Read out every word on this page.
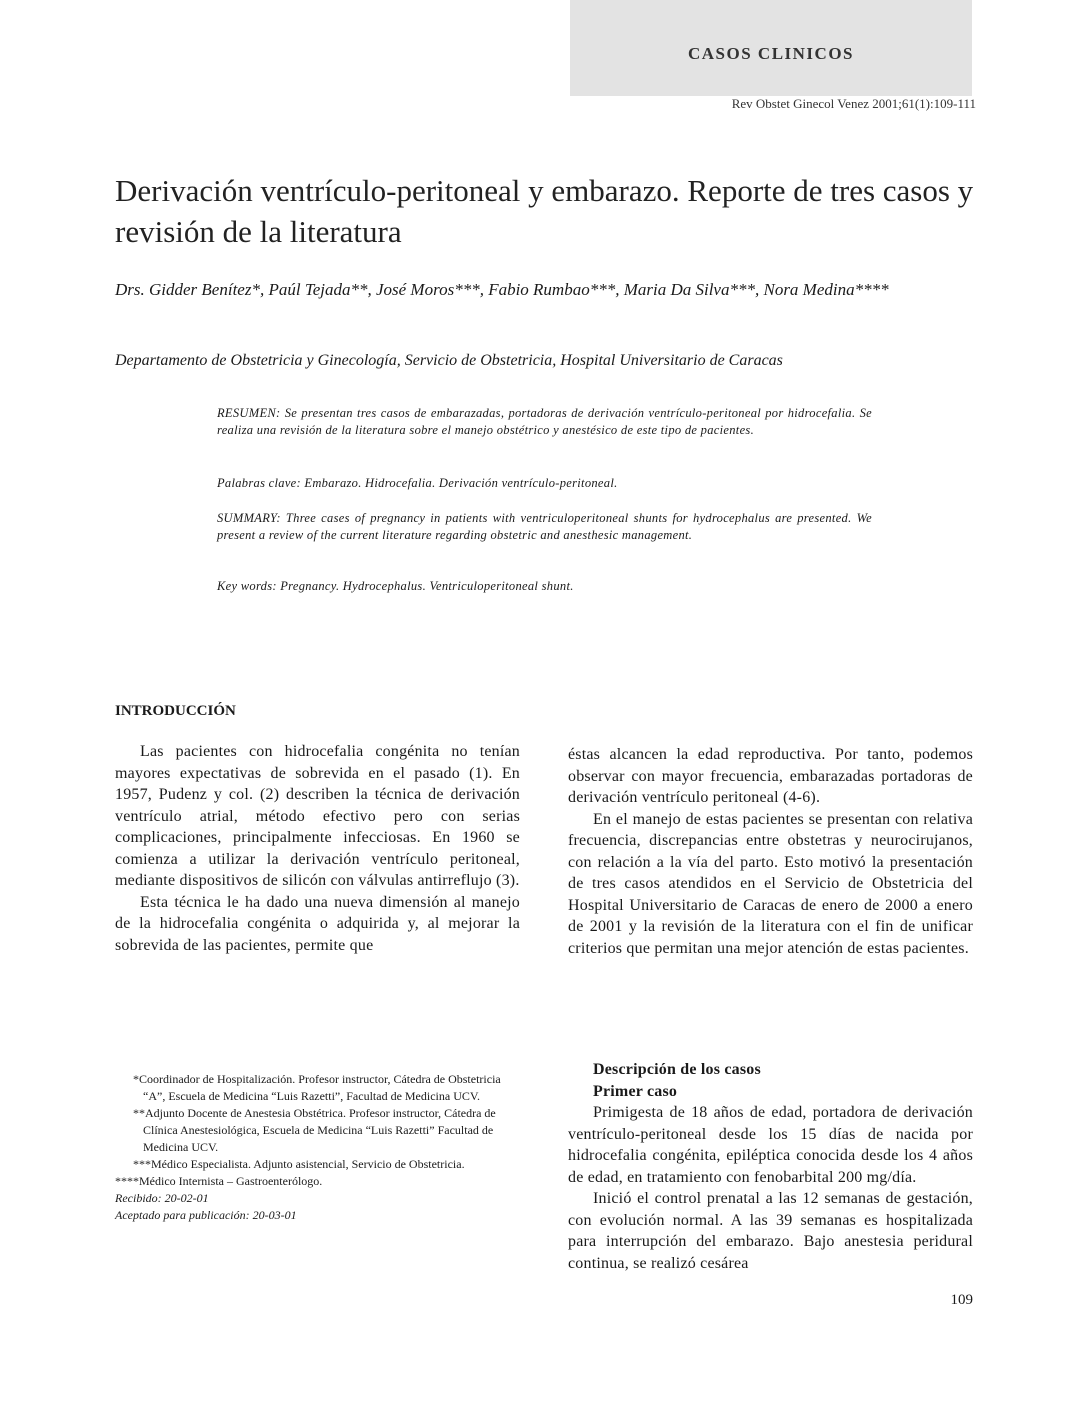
CASOS CLINICOS
Rev Obstet Ginecol Venez 2001;61(1):109-111
Derivación ventrículo-peritoneal y embarazo. Reporte de tres casos y revisión de la literatura

Drs. Gidder Benítez*, Paúl Tejada**, José Moros***, Fabio Rumbao***, Maria Da Silva***, Nora Medina****

Departamento de Obstetricia y Ginecología, Servicio de Obstetricia, Hospital Universitario de Caracas

RESUMEN: Se presentan tres casos de embarazadas, portadoras de derivación ventrículo-peritoneal por hidrocefalia. Se realiza una revisión de la literatura sobre el manejo obstétrico y anestésico de este tipo de pacientes.

Palabras clave: Embarazo. Hidrocefalia. Derivación ventrículo-peritoneal.

SUMMARY: Three cases of pregnancy in patients with ventriculoperitoneal shunts for hydrocephalus are presented. We present a review of the current literature regarding obstetric and anesthesic management.

Key words: Pregnancy. Hydrocephalus. Ventriculoperitoneal shunt.

INTRODUCCIÓN

Las pacientes con hidrocefalia congénita no tenían mayores expectativas de sobrevida en el pasado (1). En 1957, Pudenz y col. (2) describen la técnica de derivación ventrículo atrial, método efectivo pero con serias complicaciones, principalmente infecciosas. En 1960 se comienza a utilizar la derivación ventrículo peritoneal, mediante dispositivos de silicón con válvulas antirreflujo (3).

Esta técnica le ha dado una nueva dimensión al manejo de la hidrocefalia congénita o adquirida y, al mejorar la sobrevida de las pacientes, permite que

éstas alcancen la edad reproductiva. Por tanto, podemos observar con mayor frecuencia, embarazadas portadoras de derivación ventrículo peritoneal (4-6).

En el manejo de estas pacientes se presentan con relativa frecuencia, discrepancias entre obstetras y neurocirujanos, con relación a la vía del parto. Esto motivó la presentación de tres casos atendidos en el Servicio de Obstetricia del Hospital Universitario de Caracas de enero de 2000 a enero de 2001 y la revisión de la literatura con el fin de unificar criterios que permitan una mejor atención de estas pacientes.

Descripción de los casos

Primer caso

Primigesta de 18 años de edad, portadora de derivación ventrículo-peritoneal desde los 15 días de nacida por hidrocefalia congénita, epiléptica conocida desde los 4 años de edad, en tratamiento con fenobarbital 200 mg/día.

Inició el control prenatal a las 12 semanas de gestación, con evolución normal. A las 39 semanas es hospitalizada para interrupción del embarazo. Bajo anestesia peridural continua, se realizó cesárea

*Coordinador de Hospitalización. Profesor instructor, Cátedra de Obstetricia “A”, Escuela de Medicina “Luis Razetti”, Facultad de Medicina UCV.

**Adjunto Docente de Anestesia Obstétrica. Profesor instructor, Cátedra de Clínica Anestesiológica, Escuela de Medicina “Luis Razetti” Facultad de Medicina UCV.

***Médico Especialista. Adjunto asistencial, Servicio de Obstetricia.

****Médico Internista – Gastroenterólogo.

Recibido: 20-02-01

Aceptado para publicación: 20-03-01

109
